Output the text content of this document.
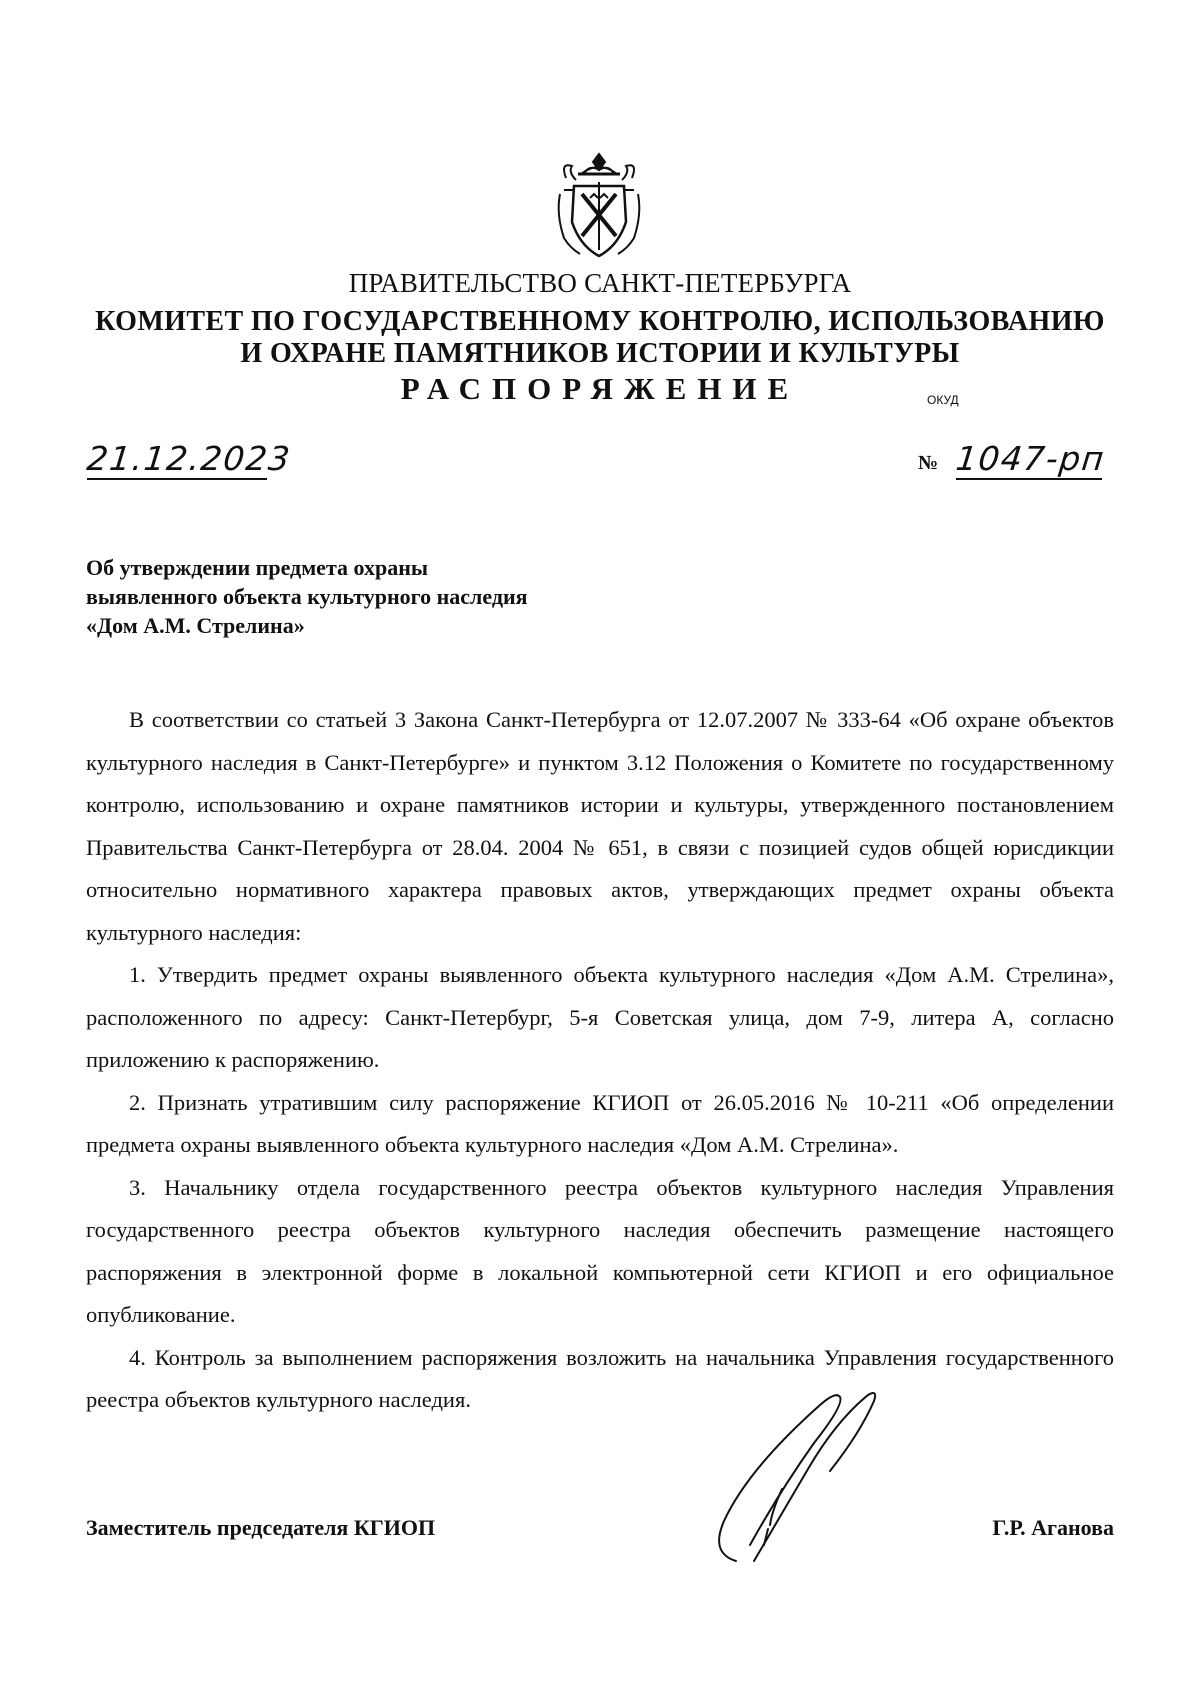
ПРАВИТЕЛЬСТВО САНКТ-ПЕТЕРБУРГА
КОМИТЕТ ПО ГОСУДАРСТВЕННОМУ КОНТРОЛЮ, ИСПОЛЬЗОВАНИЮ
И ОХРАНЕ ПАМЯТНИКОВ ИСТОРИИ И КУЛЬТУРЫ
РАСПОРЯЖЕНИЕ	ОКУД
21.12.2023	№ 1047-рп
Об утверждении предмета охраны
выявленного объекта культурного наследия
«Дом А.М. Стрелина»

В соответствии со статьей 3 Закона Санкт-Петербурга от 12.07.2007 № 333-64 «Об охране объектов культурного наследия в Санкт-Петербурге» и пунктом 3.12 Положения о Комитете по государственному контролю, использованию и охране памятников истории и культуры, утвержденного постановлением Правительства Санкт-Петербурга от 28.04. 2004 № 651, в связи с позицией судов общей юрисдикции относительно нормативного характера правовых актов, утверждающих предмет охраны объекта культурного наследия:

1. Утвердить предмет охраны выявленного объекта культурного наследия «Дом А.М. Стрелина», расположенного по адресу: Санкт-Петербург, 5-я Советская улица, дом 7-9, литера А, согласно приложению к распоряжению.

2. Признать утратившим силу распоряжение КГИОП от 26.05.2016 № 10-211 «Об определении предмета охраны выявленного объекта культурного наследия «Дом А.М. Стрелина».

3. Начальнику отдела государственного реестра объектов культурного наследия Управления государственного реестра объектов культурного наследия обеспечить размещение настоящего распоряжения в электронной форме в локальной компьютерной сети КГИОП и его официальное опубликование.

4. Контроль за выполнением распоряжения возложить на начальника Управления государственного реестра объектов культурного наследия.

Заместитель председателя КГИОП	Г.Р. Аганова
